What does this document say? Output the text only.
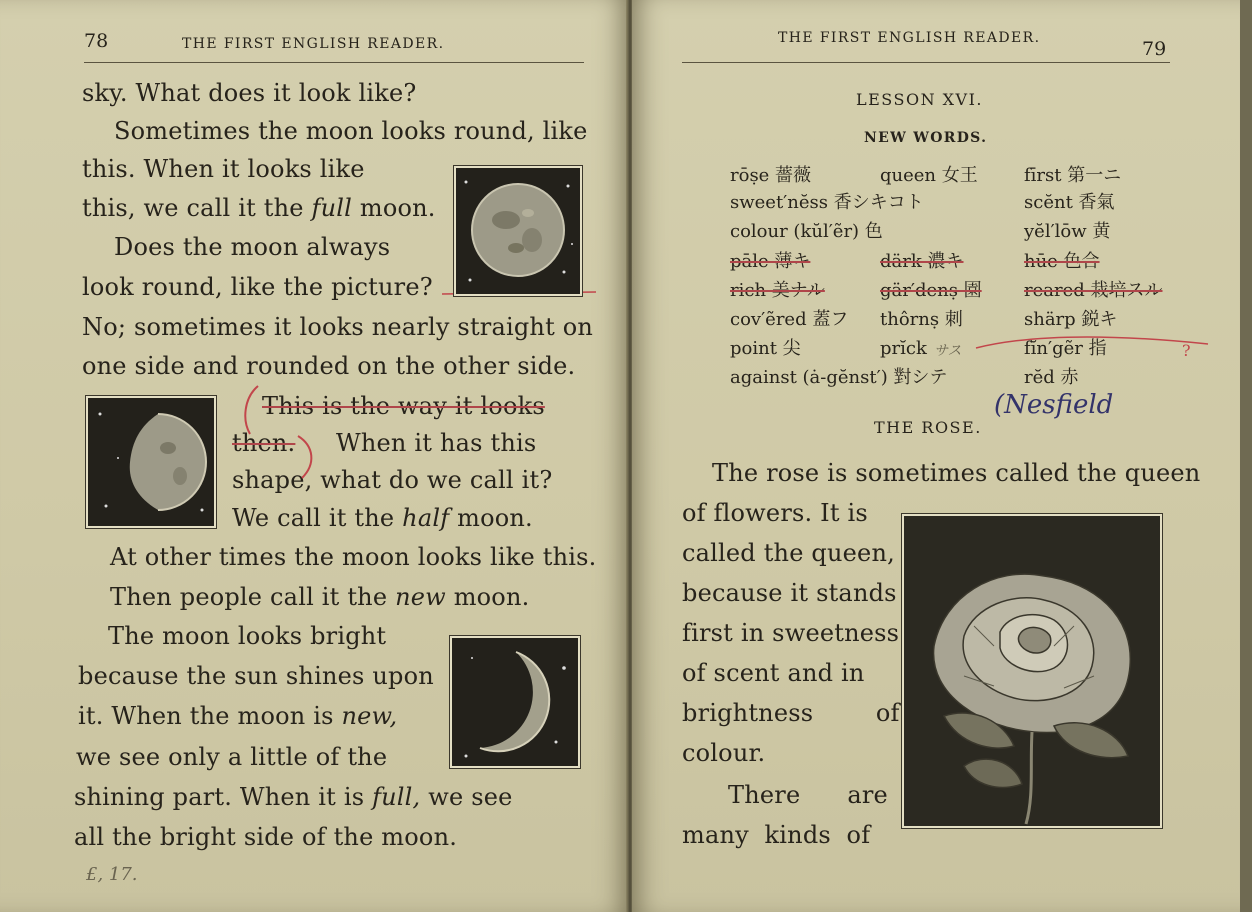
78	THE FIRST ENGLISH READER.
sky. What does it look like?
Sometimes the moon looks round, like
this. When it looks like
this, we call it the full moon.
Does the moon always
look round, like the picture?
No; sometimes it looks nearly straight on
one side and rounded on the other side.
This is the way it looks
then. When it has this
shape, what do we call it?
We call it the half moon.
At other times the moon looks like this.
Then people call it the new moon.
The moon looks bright
because the sun shines upon
it. When the moon is new,
we see only a little of the
shining part. When it is full, we see
all the bright side of the moon.
£, 17.
THE FIRST ENGLISH READER.	79
LESSON XVI.
NEW WORDS.
rōṣe 薔薇
sweet′nĕss 香シキコト
colour (kŭl′ẽr) 色
pāle 薄キ
rich 美ナル
cov′ẽred 蓋フ
point 尖
against (ȧ-gĕnst′) 對シテ
queen 女王
därk 濃キ
gär′denṣ 園
thôrnṣ 刺
prĭck サス
fīrst 第一ニ
scĕnt 香氣
yĕl′lōw 黄
hūe 色合
reared 栽培スル
shärp 鋭キ
fĭn′gẽr 指
rĕd 赤
?
THE ROSE.
(Nesfield
The rose is sometimes called the queen
of flowers. It is
called the queen,
because it stands
first in sweetness
of scent and in
brightness        of
colour.
There      are
many  kinds  of
